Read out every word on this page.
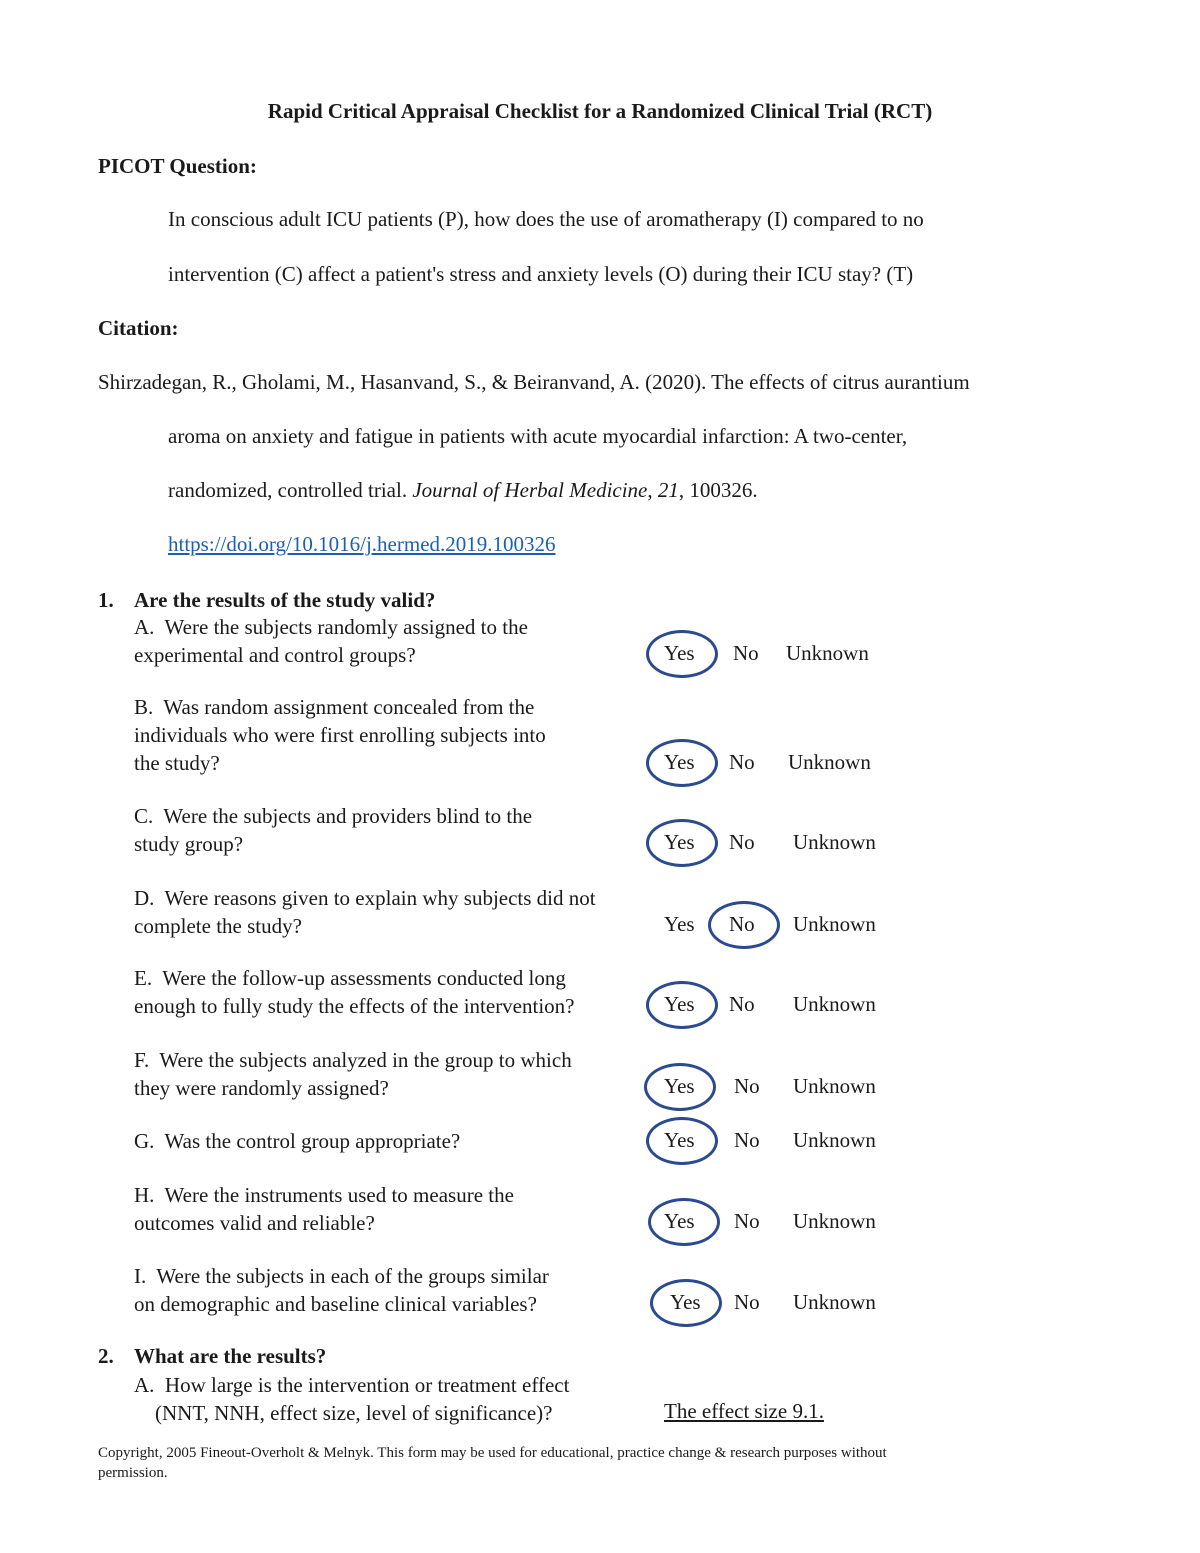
Rapid Critical Appraisal Checklist for a Randomized Clinical Trial (RCT)
PICOT Question:
In conscious adult ICU patients (P), how does the use of aromatherapy (I) compared to no
intervention (C) affect a patient's stress and anxiety levels (O) during their ICU stay? (T)
Citation:
Shirzadegan, R., Gholami, M., Hasanvand, S., & Beiranvand, A. (2020). The effects of citrus aurantium
aroma on anxiety and fatigue in patients with acute myocardial infarction: A two-center,
randomized, controlled trial. Journal of Herbal Medicine, 21, 100326.
https://doi.org/10.1016/j.hermed.2019.100326
1. Are the results of the study valid?
A. Were the subjects randomly assigned to the
experimental and control groups?	Yes No Unknown
B. Was random assignment concealed from the
individuals who were first enrolling subjects into
the study?	Yes No Unknown
C. Were the subjects and providers blind to the
study group?	Yes No Unknown
D. Were reasons given to explain why subjects did not
complete the study?	Yes No Unknown
E. Were the follow-up assessments conducted long
enough to fully study the effects of the intervention?	Yes No Unknown
F. Were the subjects analyzed in the group to which
they were randomly assigned?	Yes No Unknown
G. Was the control group appropriate?	Yes No Unknown
H. Were the instruments used to measure the
outcomes valid and reliable?	Yes No Unknown
I. Were the subjects in each of the groups similar
on demographic and baseline clinical variables?	Yes No Unknown
2. What are the results?
A. How large is the intervention or treatment effect
(NNT, NNH, effect size, level of significance)?	The effect size 9.1.
Copyright, 2005 Fineout-Overholt & Melnyk. This form may be used for educational, practice change & research purposes without
permission.
